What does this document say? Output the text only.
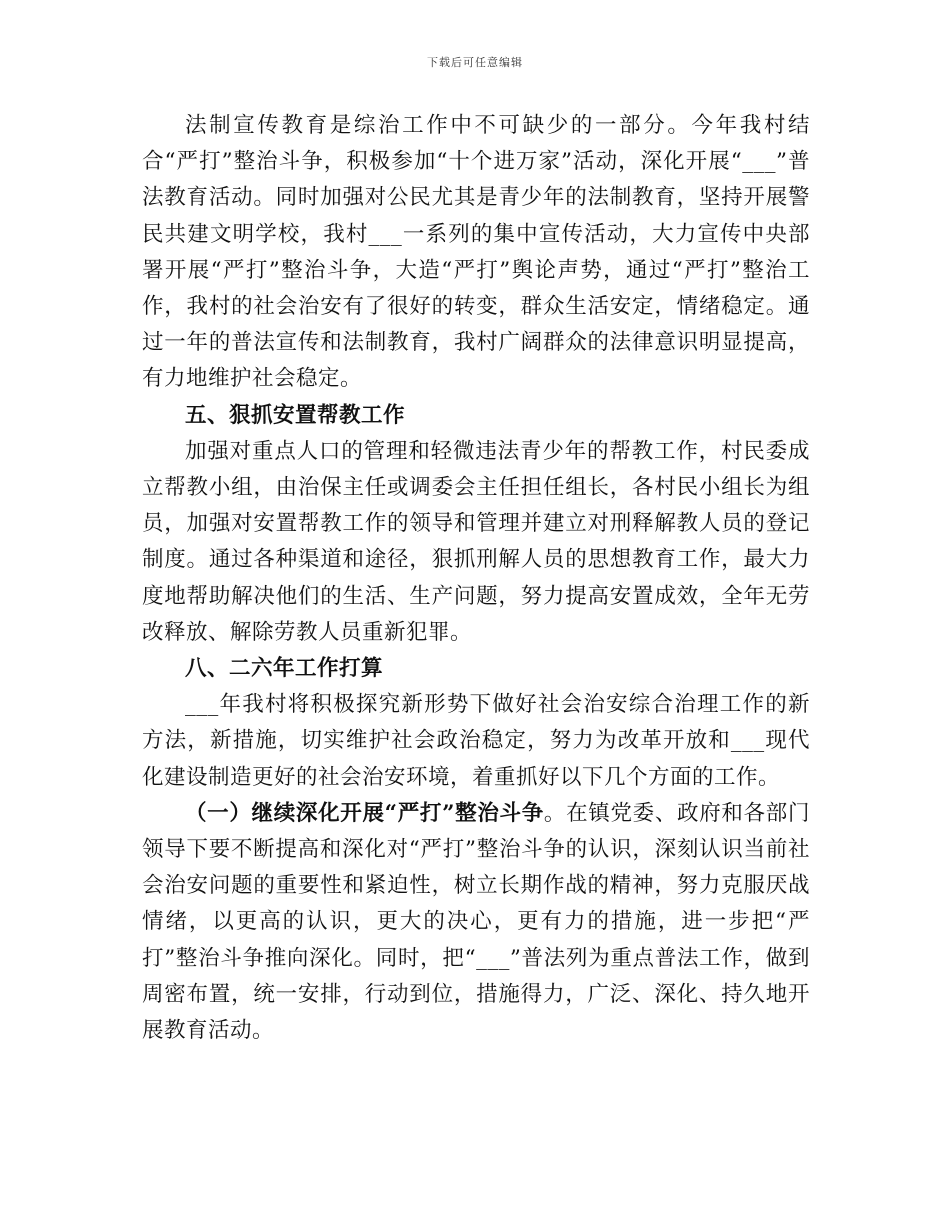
下载后可任意编辑

法制宣传教育是综治工作中不可缺少的一部分。今年我村结合“严打”整治斗争，积极参加“十个进万家”活动，深化开展“___”普法教育活动。同时加强对公民尤其是青少年的法制教育，坚持开展警民共建文明学校，我村___一系列的集中宣传活动，大力宣传中央部署开展“严打”整治斗争，大造“严打”舆论声势，通过“严打”整治工作，我村的社会治安有了很好的转变，群众生活安定，情绪稳定。通过一年的普法宣传和法制教育，我村广阔群众的法律意识明显提高，有力地维护社会稳定。

五、狠抓安置帮教工作

加强对重点人口的管理和轻微违法青少年的帮教工作，村民委成立帮教小组，由治保主任或调委会主任担任组长，各村民小组长为组员，加强对安置帮教工作的领导和管理并建立对刑释解教人员的登记制度。通过各种渠道和途径，狠抓刑解人员的思想教育工作，最大力度地帮助解决他们的生活、生产问题，努力提高安置成效，全年无劳改释放、解除劳教人员重新犯罪。

八、二六年工作打算

___年我村将积极探究新形势下做好社会治安综合治理工作的新方法，新措施，切实维护社会政治稳定，努力为改革开放和___现代化建设制造更好的社会治安环境，着重抓好以下几个方面的工作。

（一）继续深化开展“严打”整治斗争。在镇党委、政府和各部门领导下要不断提高和深化对“严打”整治斗争的认识，深刻认识当前社会治安问题的重要性和紧迫性，树立长期作战的精神，努力克服厌战情绪，以更高的认识，更大的决心，更有力的措施，进一步把“严打”整治斗争推向深化。同时，把“___”普法列为重点普法工作，做到周密布置，统一安排，行动到位，措施得力，广泛、深化、持久地开展教育活动。
